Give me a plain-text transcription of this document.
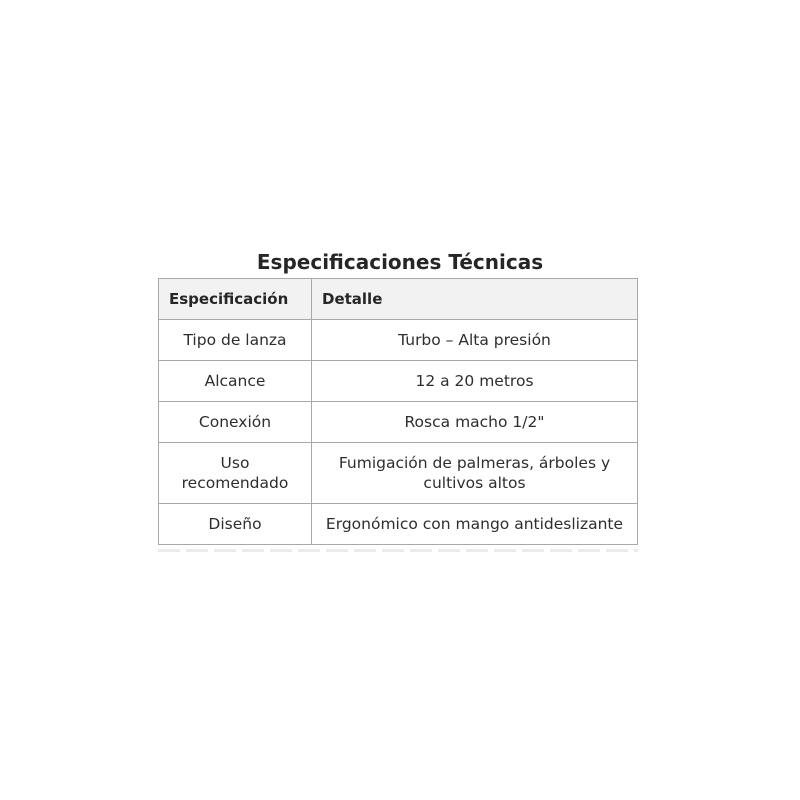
Especificaciones Técnicas
Especificación	Detalle
Tipo de lanza	Turbo – Alta presión
Alcance	12 a 20 metros
Conexión	Rosca macho 1/2"
Uso recomendado	Fumigación de palmeras, árboles y cultivos altos
Diseño	Ergonómico con mango antideslizante
